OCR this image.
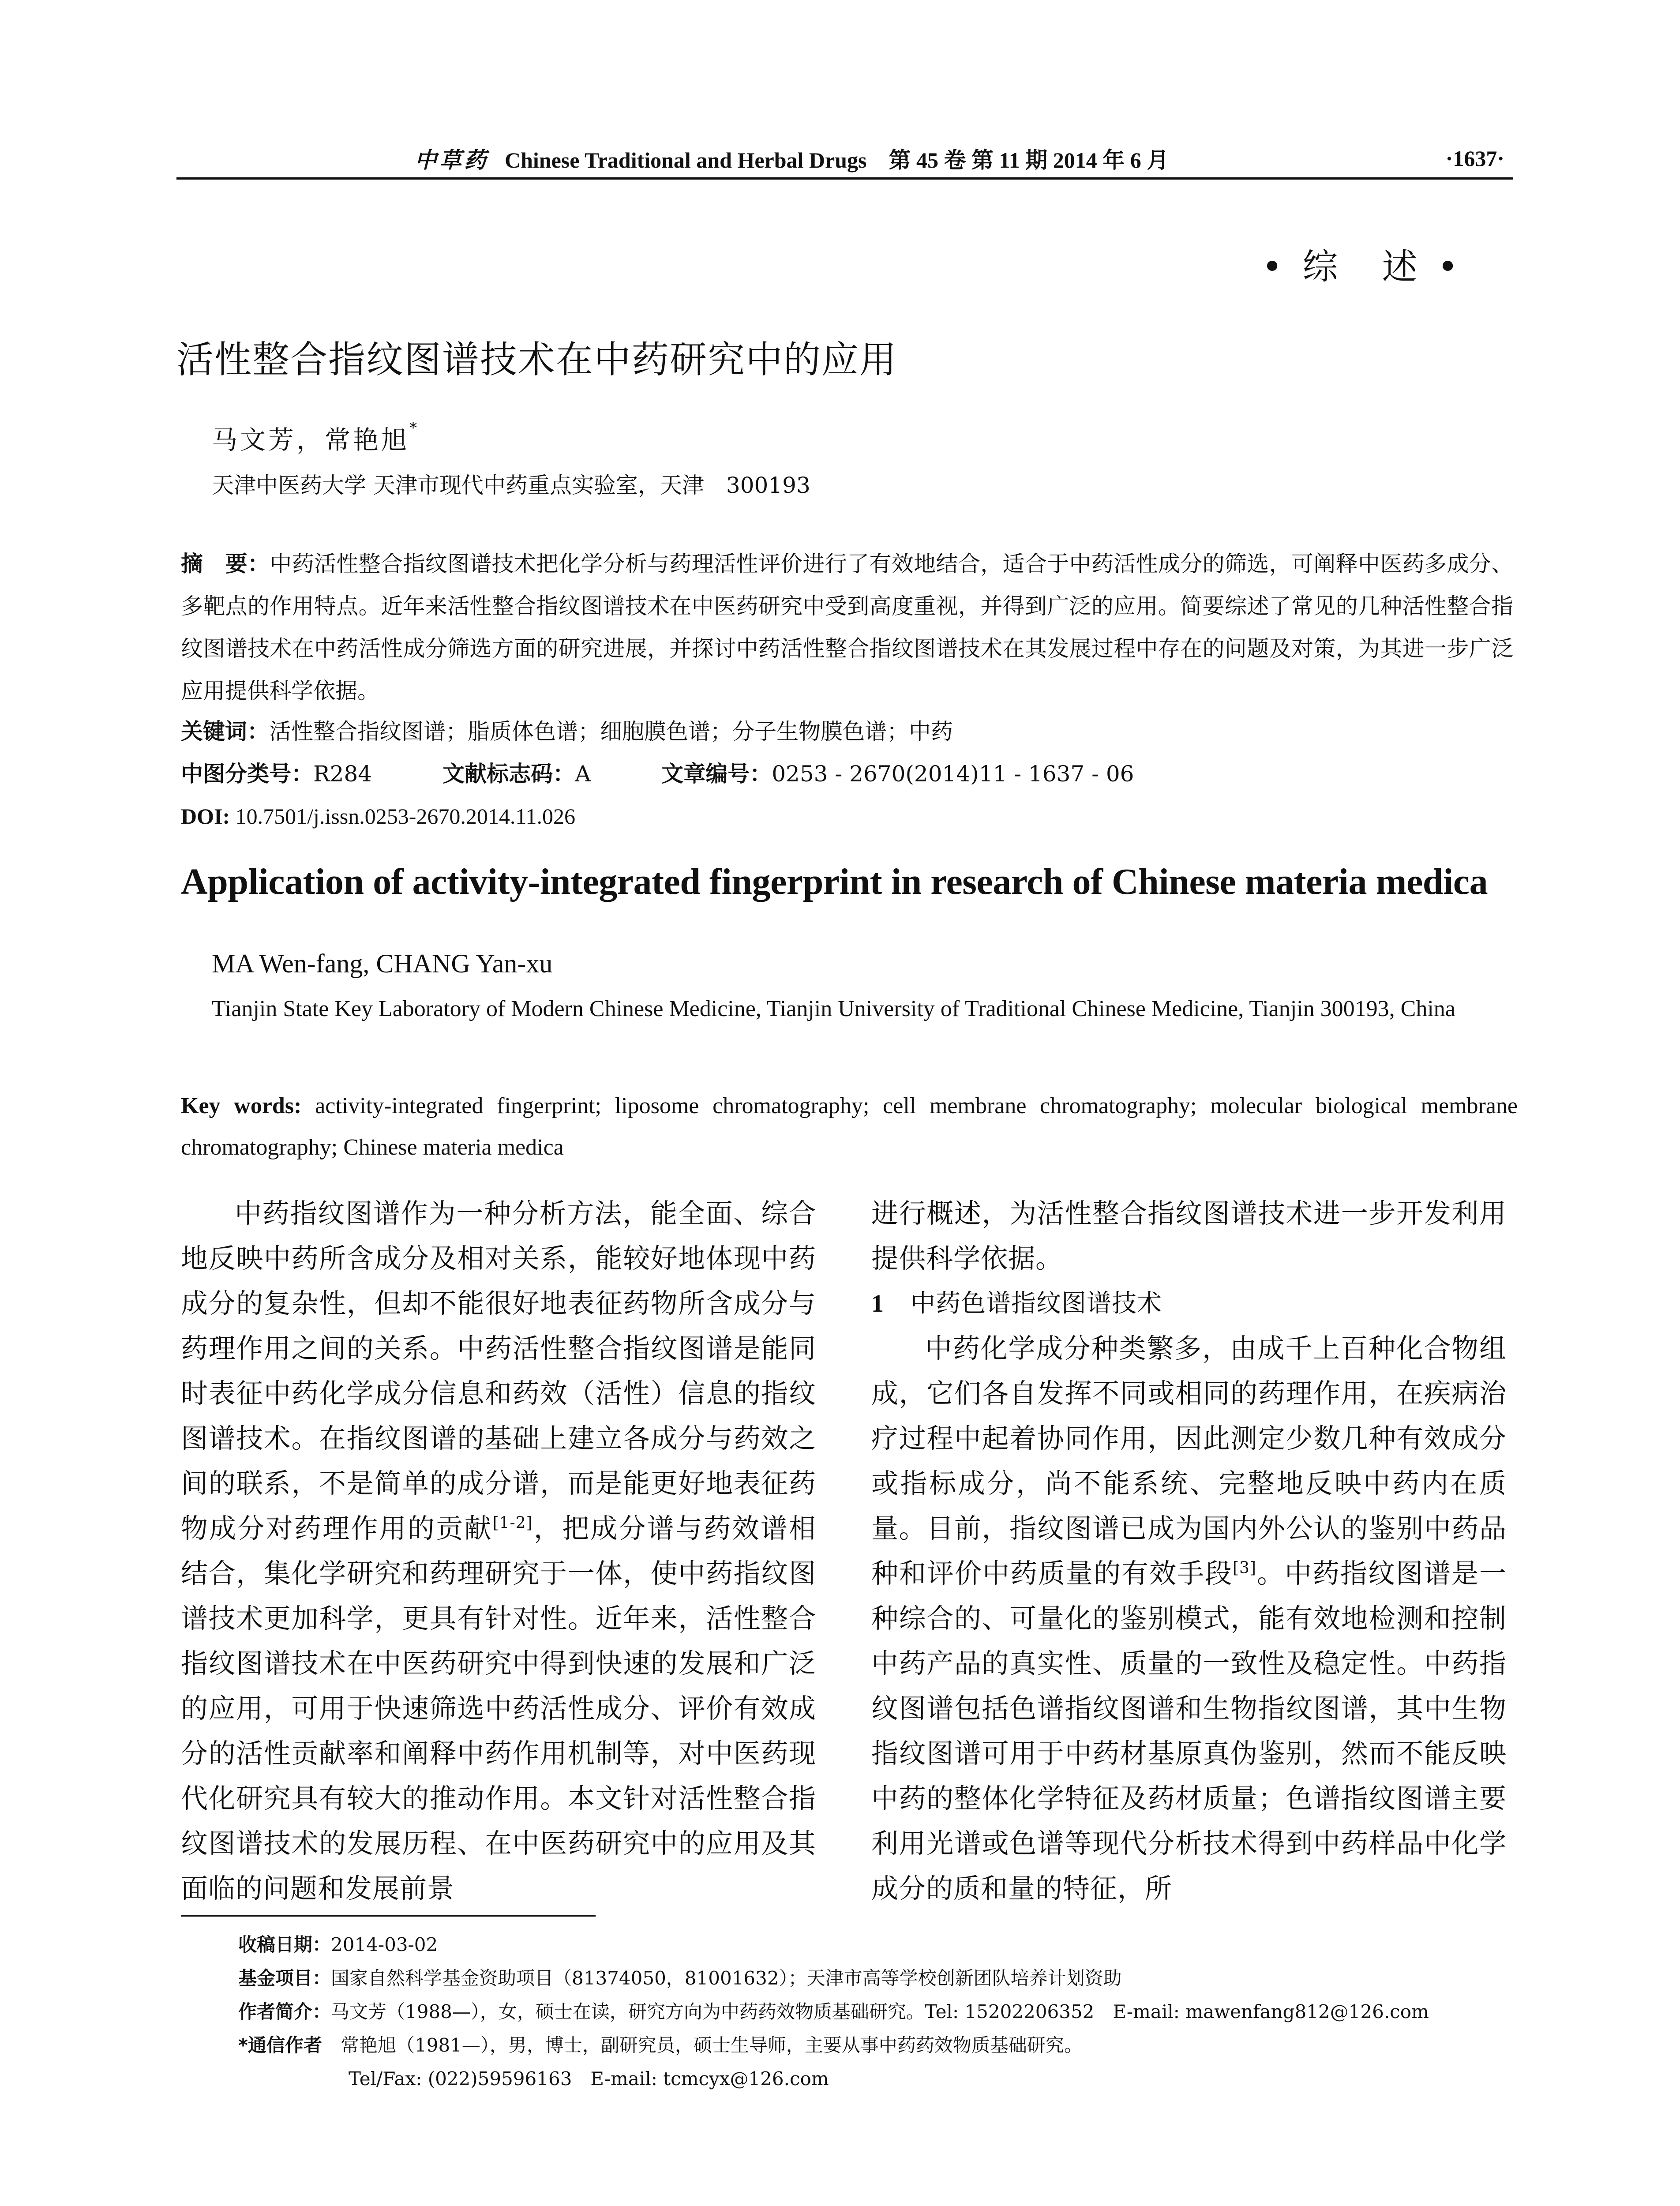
中草药 Chinese Traditional and Herbal Drugs　第 45 卷 第 11 期 2014 年 6 月	·1637·
• 综　述 •
活性整合指纹图谱技术在中药研究中的应用
马文芳，常艳旭*
天津中医药大学 天津市现代中药重点实验室，天津　300193
摘　要：中药活性整合指纹图谱技术把化学分析与药理活性评价进行了有效地结合，适合于中药活性成分的筛选，可阐释中医药多成分、多靶点的作用特点。近年来活性整合指纹图谱技术在中医药研究中受到高度重视，并得到广泛的应用。简要综述了常见的几种活性整合指纹图谱技术在中药活性成分筛选方面的研究进展，并探讨中药活性整合指纹图谱技术在其发展过程中存在的问题及对策，为其进一步广泛应用提供科学依据。
关键词：活性整合指纹图谱；脂质体色谱；细胞膜色谱；分子生物膜色谱；中药
中图分类号：R284	文献标志码：A	文章编号：0253 - 2670(2014)11 - 1637 - 06
DOI: 10.7501/j.issn.0253-2670.2014.11.026
Application of activity-integrated fingerprint in research of Chinese materia medica
MA Wen-fang, CHANG Yan-xu
Tianjin State Key Laboratory of Modern Chinese Medicine, Tianjin University of Traditional Chinese Medicine, Tianjin 300193, China
Key words: activity-integrated fingerprint; liposome chromatography; cell membrane chromatography; molecular biological membrane chromatography; Chinese materia medica

中药指纹图谱作为一种分析方法，能全面、综合地反映中药所含成分及相对关系，能较好地体现中药成分的复杂性，但却不能很好地表征药物所含成分与药理作用之间的关系。中药活性整合指纹图谱是能同时表征中药化学成分信息和药效（活性）信息的指纹图谱技术。在指纹图谱的基础上建立各成分与药效之间的联系，不是简单的成分谱，而是能更好地表征药物成分对药理作用的贡献[1-2]，把成分谱与药效谱相结合，集化学研究和药理研究于一体，使中药指纹图谱技术更加科学，更具有针对性。近年来，活性整合指纹图谱技术在中医药研究中得到快速的发展和广泛的应用，可用于快速筛选中药活性成分、评价有效成分的活性贡献率和阐释中药作用机制等，对中医药现代化研究具有较大的推动作用。本文针对活性整合指纹图谱技术的发展历程、在中医药研究中的应用及其面临的问题和发展前景

进行概述，为活性整合指纹图谱技术进一步开发利用提供科学依据。

1 中药色谱指纹图谱技术

中药化学成分种类繁多，由成千上百种化合物组成，它们各自发挥不同或相同的药理作用，在疾病治疗过程中起着协同作用，因此测定少数几种有效成分或指标成分，尚不能系统、完整地反映中药内在质量。目前，指纹图谱已成为国内外公认的鉴别中药品种和评价中药质量的有效手段[3]。中药指纹图谱是一种综合的、可量化的鉴别模式，能有效地检测和控制中药产品的真实性、质量的一致性及稳定性。中药指纹图谱包括色谱指纹图谱和生物指纹图谱，其中生物指纹图谱可用于中药材基原真伪鉴别，然而不能反映中药的整体化学特征及药材质量；色谱指纹图谱主要利用光谱或色谱等现代分析技术得到中药样品中化学成分的质和量的特征，所

收稿日期：2014-03-02
基金项目：国家自然科学基金资助项目（81374050，81001632）；天津市高等学校创新团队培养计划资助
作者简介：马文芳（1988—），女，硕士在读，研究方向为中药药效物质基础研究。Tel: 15202206352　E-mail: mawenfang812@126.com
*通信作者　 常艳旭（1981—），男，博士，副研究员，硕士生导师，主要从事中药药效物质基础研究。
Tel/Fax: (022)59596163　E-mail: tcmcyx@126.com
